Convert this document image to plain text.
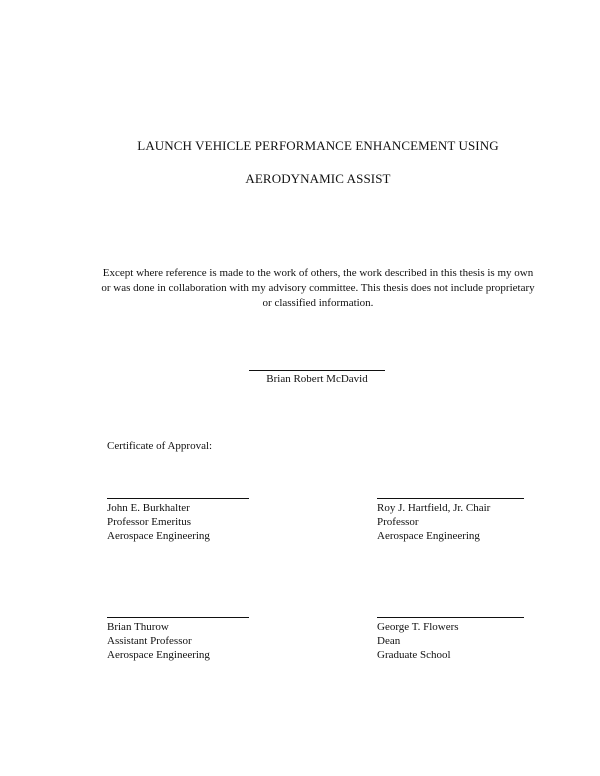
LAUNCH VEHICLE PERFORMANCE ENHANCEMENT USING
AERODYNAMIC ASSIST
Except where reference is made to the work of others, the work described in this thesis is my own or was done in collaboration with my advisory committee. This thesis does not include proprietary or classified information.
Brian Robert McDavid
Certificate of Approval:
John E. Burkhalter
Professor Emeritus
Aerospace Engineering
Roy J. Hartfield, Jr. Chair
Professor
Aerospace Engineering
Brian Thurow
Assistant Professor
Aerospace Engineering
George T. Flowers
Dean
Graduate School
